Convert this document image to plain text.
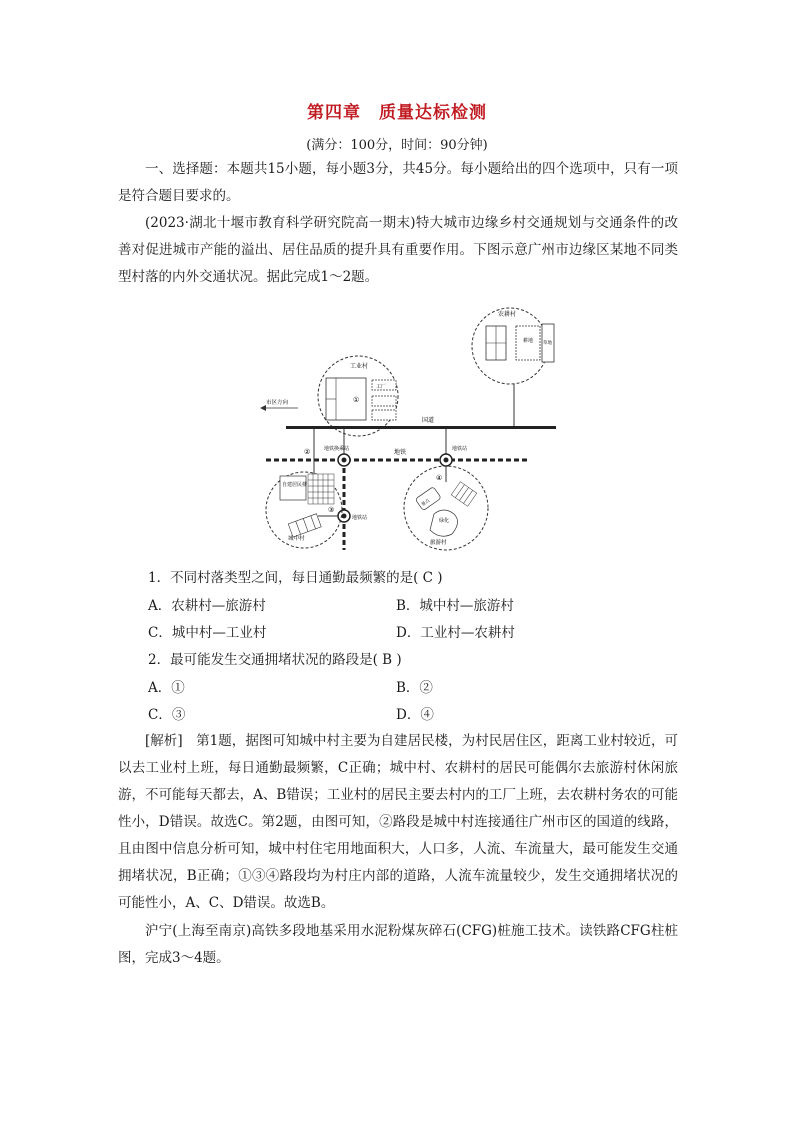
第四章　质量达标检测
(满分：100分，时间：90分钟)
一、选择题：本题共15小题，每小题3分，共45分。每小题给出的四个选项中，只有一项是符合题目要求的。
(2023·湖北十堰市教育科学研究院高一期末)特大城市边缘乡村交通规划与交通条件的改善对促进城市产能的溢出、居住品质的提升具有重要作用。下图示意广州市边缘区某地不同类型村落的内外交通状况。据此完成1～2题。
农耕村
耕地 草地
工业村
①
工厂
市区方向
国道
地铁
②	地铁换乘站	地铁站
地铁站
自建居民楼
③
城中村
④
景点
绿化
旅游村
1．不同村落类型之间，每日通勤最频繁的是( C )
A．农耕村—旅游村	B．城中村—旅游村
C．城中村—工业村	D．工业村—农耕村
2．最可能发生交通拥堵状况的路段是( B )
A．①	B．②
C．③	D．④
[解析]　第1题，据图可知城中村主要为自建居民楼，为村民居住区，距离工业村较近，可以去工业村上班，每日通勤最频繁，C正确；城中村、农耕村的居民可能偶尔去旅游村休闲旅游，不可能每天都去，A、B错误；工业村的居民主要去村内的工厂上班，去农耕村务农的可能性小，D错误。故选C。第2题，由图可知，②路段是城中村连接通往广州市区的国道的线路，且由图中信息分析可知，城中村住宅用地面积大，人口多，人流、车流量大，最可能发生交通拥堵状况，B正确；①③④路段均为村庄内部的道路，人流车流量较少，发生交通拥堵状况的可能性小，A、C、D错误。故选B。
沪宁(上海至南京)高铁多段地基采用水泥粉煤灰碎石(CFG)桩施工技术。读铁路CFG柱桩图，完成3～4题。
